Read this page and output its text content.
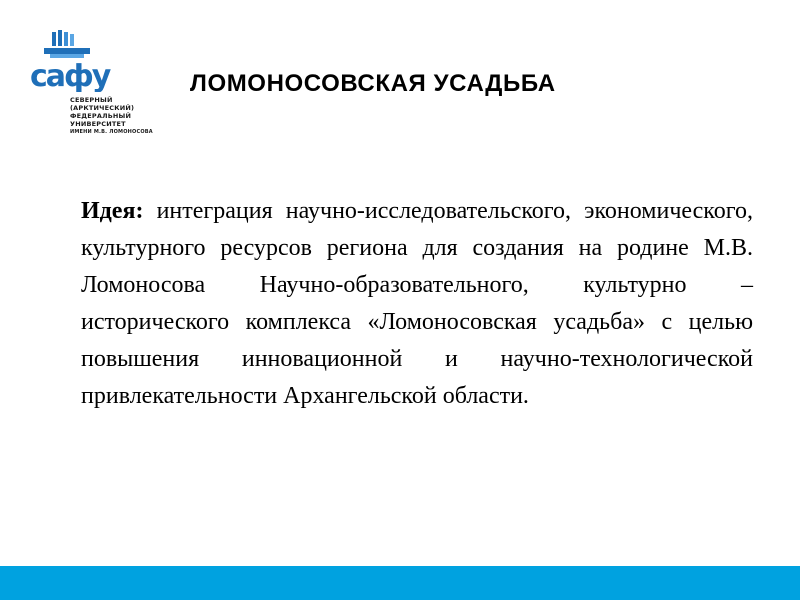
сафу
СЕВЕРНЫЙ
(АРКТИЧЕСКИЙ)
ФЕДЕРАЛЬНЫЙ
УНИВЕРСИТЕТ
ИМЕНИ М.В. ЛОМОНОСОВА
ЛОМОНОСОВСКАЯ УСАДЬБА
Идея: интеграция научно-исследовательского, экономического, культурного ресурсов региона для создания на родине М.В. Ломоносова Научно-образовательного, культурно – исторического комплекса «Ломоносовская усадьба» с целью повышения инновационной и научно-технологической привлекательности Архангельской области.
